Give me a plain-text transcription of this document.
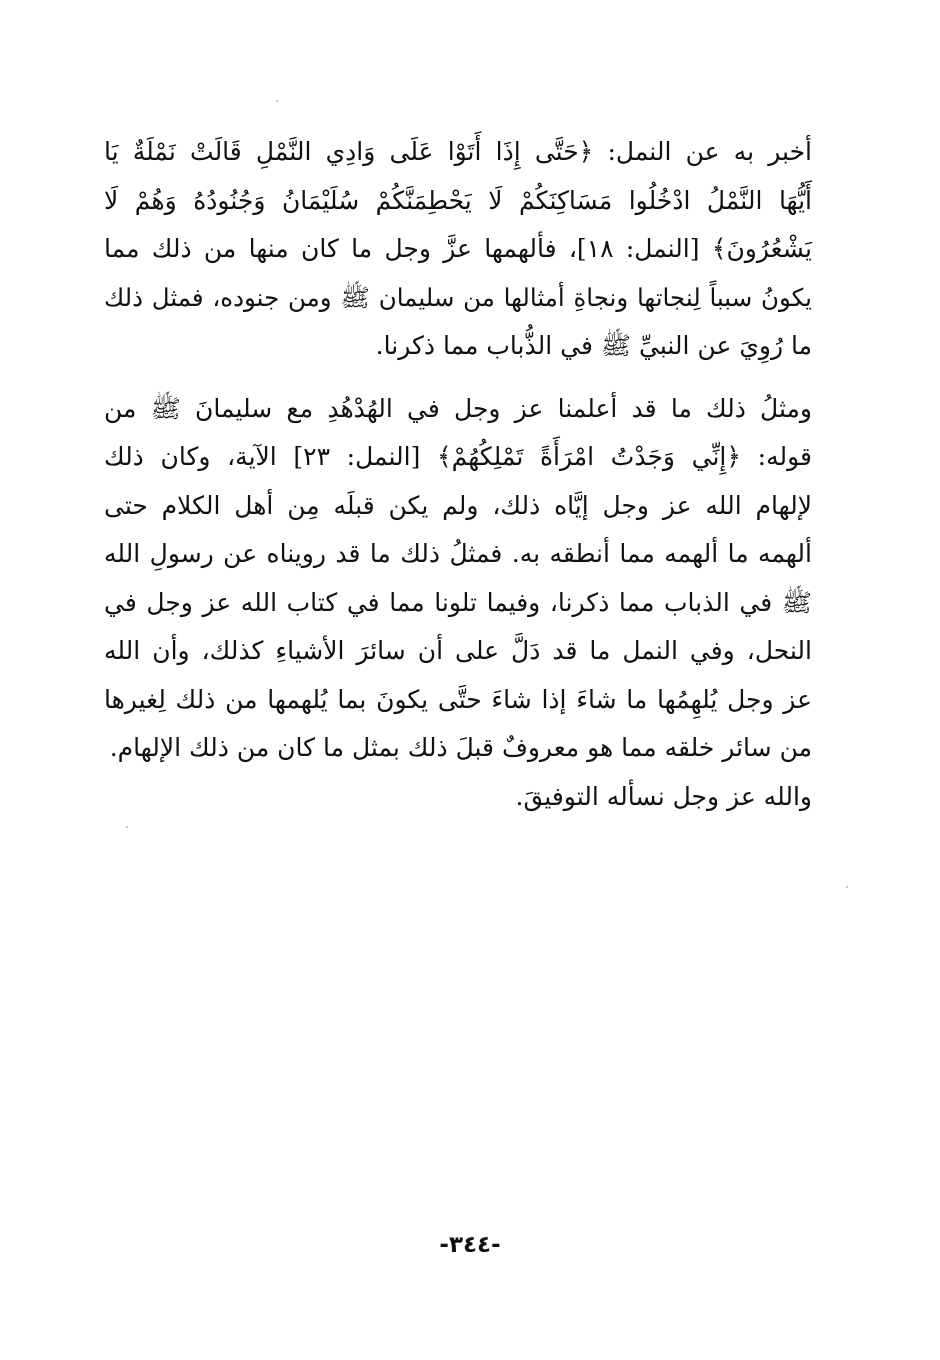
أخبر به عن النمل: ﴿حَتَّى إِذَا أَتَوْا عَلَى وَادِي النَّمْلِ قَالَتْ نَمْلَةٌ يَا
أَيُّهَا النَّمْلُ ادْخُلُوا مَسَاكِنَكُمْ لَا يَحْطِمَنَّكُمْ سُلَيْمَانُ وَجُنُودُهُ وَهُمْ لَا
يَشْعُرُونَ﴾ [النمل: ١٨]، فألهمها عزَّ وجل ما كان منها من ذلك مما
يكونُ سبباً لِنجاتها ونجاةِ أمثالها من سليمان ﷺ ومن جنوده، فمثل ذلك
ما رُوِيَ عن النبيِّ ﷺ في الذُّباب مما ذكرنا.
ومثلُ ذلك ما قد أعلمنا عز وجل في الهُدْهُدِ مع سليمانَ ﷺ من
قوله: ﴿إِنِّي وَجَدْتُ امْرَأَةً تَمْلِكُهُمْ﴾ [النمل: ٢٣] الآية، وكان ذلك
لإلهام الله عز وجل إيَّاه ذلك، ولم يكن قبلَه مِن أهل الكلام حتى
ألهمه ما ألهمه مما أنطقه به. فمثلُ ذلك ما قد رويناه عن رسولِ الله
ﷺ في الذباب مما ذكرنا، وفيما تلونا مما في كتاب الله عز وجل في
النحل، وفي النمل ما قد دَلَّ على أن سائرَ الأشياءِ كذلك، وأن الله
عز وجل يُلهِمُها ما شاءَ إذا شاءَ حتَّى يكونَ بما يُلهمها من ذلك لِغيرها
من سائر خلقه مما هو معروفٌ قبلَ ذلك بمثل ما كان من ذلك الإلهام.
والله عز وجل نسأله التوفيقَ.
-٣٤٤-
